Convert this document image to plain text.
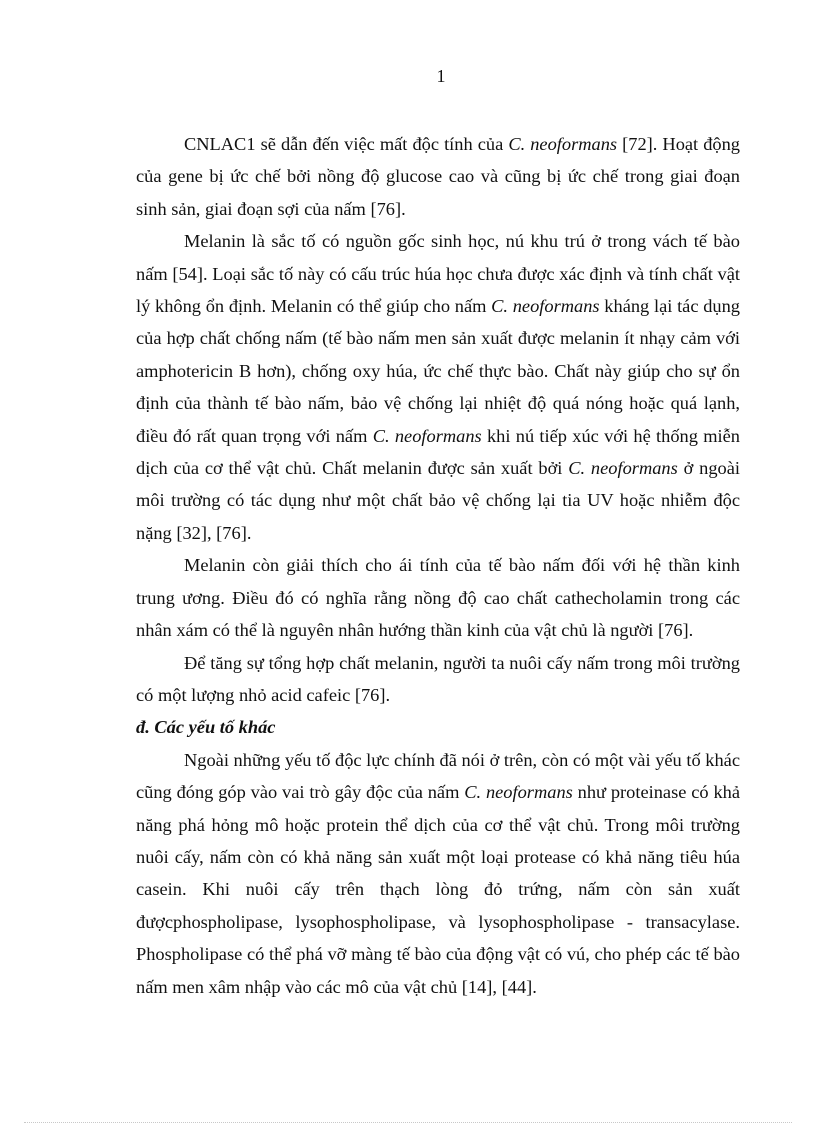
1

CNLAC1 sẽ dẫn đến việc mất độc tính của C. neoformans [72]. Hoạt động của gene bị ức chế bởi nồng độ glucose cao và cũng bị ức chế trong giai đoạn sinh sản, giai đoạn sợi của nấm [76].

Melanin là sắc tố có nguồn gốc sinh học, nú khu trú ở trong vách tế bào nấm [54]. Loại sắc tố này có cấu trúc húa học chưa được xác định và tính chất vật lý không ổn định. Melanin có thể giúp cho nấm C. neoformans kháng lại tác dụng của hợp chất chống nấm (tế bào nấm men sản xuất được melanin ít nhạy cảm với amphotericin B hơn), chống oxy húa, ức chế thực bào. Chất này giúp cho sự ổn định của thành tế bào nấm, bảo vệ chống lại nhiệt độ quá nóng hoặc quá lạnh, điều đó rất quan trọng với nấm C. neoformans khi nú tiếp xúc với hệ thống miễn dịch của cơ thể vật chủ. Chất melanin được sản xuất bởi C. neoformans ở ngoài môi trường có tác dụng như một chất bảo vệ chống lại tia UV hoặc nhiễm độc nặng [32], [76].

Melanin còn giải thích cho ái tính của tế bào nấm đối với hệ thần kinh trung ương. Điều đó có nghĩa rằng nồng độ cao chất cathecholamin trong các nhân xám có thể là nguyên nhân hướng thần kinh của vật chủ là người [76].

Để tăng sự tổng hợp chất melanin, người ta nuôi cấy nấm trong môi trường có một lượng nhỏ acid cafeic [76].

đ. Các yếu tố khác

Ngoài những yếu tố độc lực chính đã nói ở trên, còn có một vài yếu tố khác cũng đóng góp vào vai trò gây độc của nấm C. neoformans như proteinase có khả năng phá hỏng mô hoặc protein thể dịch của cơ thể vật chủ. Trong môi trường nuôi cấy, nấm còn có khả năng sản xuất một loại protease có khả năng tiêu húa casein. Khi nuôi cấy trên thạch lòng đỏ trứng, nấm còn sản xuất đượcphospholipase, lysophospholipase, và lysophospholipase - transacylase. Phospholipase có thể phá vỡ màng tế bào của động vật có vú, cho phép các tế bào nấm men xâm nhập vào các mô của vật chủ [14], [44].
